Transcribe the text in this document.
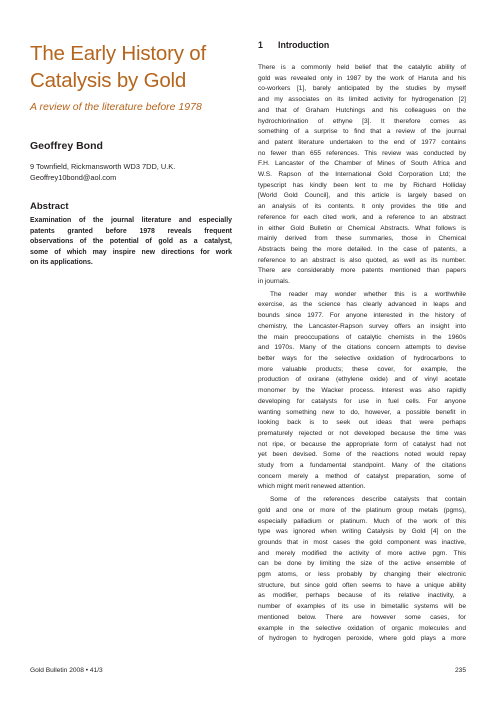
The Early History of
Catalysis by Gold

A review of the literature before 1978

Geoffrey Bond

9 Townfield, Rickmansworth WD3 7DD, U.K.
Geoffrey10bond@aol.com

Abstract

Examination of the journal literature and especially
patents granted before 1978 reveals frequent
observations of the potential of gold as a catalyst,
some of which may inspire new directions for work
on its applications.

1 Introduction

There is a commonly held belief that the catalytic ability of
gold was revealed only in 1987 by the work of Haruta and his
co-workers [1], barely anticipated by the studies by myself
and my associates on its limited activity for hydrogenation [2]
and that of Graham Hutchings and his colleagues on the
hydrochlorination of ethyne [3]. It therefore comes as
something of a surprise to find that a review of the journal
and patent literature undertaken to the end of 1977 contains
no fewer than 655 references. This review was conducted by
F.H. Lancaster of the Chamber of Mines of South Africa and
W.S. Rapson of the International Gold Corporation Ltd; the
typescript has kindly been lent to me by Richard Holliday
[World Gold Council], and this article is largely based on
an analysis of its contents. It only provides the title and
reference for each cited work, and a reference to an abstract
in either Gold Bulletin or Chemical Abstracts. What follows is
mainly derived from these summaries, those in Chemical
Abstracts being the more detailed. In the case of patents, a
reference to an abstract is also quoted, as well as its number.
There are considerably more patents mentioned than papers
in journals.
The reader may wonder whether this is a worthwhile
exercise, as the science has clearly advanced in leaps and
bounds since 1977. For anyone interested in the history of
chemistry, the Lancaster-Rapson survey offers an insight into
the main preoccupations of catalytic chemists in the 1960s
and 1970s. Many of the citations concern attempts to devise
better ways for the selective oxidation of hydrocarbons to
more valuable products; these cover, for example, the
production of oxirane (ethylene oxide) and of vinyl acetate
monomer by the Wacker process. Interest was also rapidly
developing for catalysts for use in fuel cells. For anyone
wanting something new to do, however, a possible benefit in
looking back is to seek out ideas that were perhaps
prematurely rejected or not developed because the time was
not ripe, or because the appropriate form of catalyst had not
yet been devised. Some of the reactions noted would repay
study from a fundamental standpoint. Many of the citations
concern merely a method of catalyst preparation, some of
which might merit renewed attention.
Some of the references describe catalysts that contain
gold and one or more of the platinum group metals (pgms),
especially palladium or platinum. Much of the work of this
type was ignored when writing Catalysis by Gold [4] on the
grounds that in most cases the gold component was inactive,
and merely modified the activity of more active pgm. This
can be done by limiting the size of the active ensemble of
pgm atoms, or less probably by changing their electronic
structure, but since gold often seems to have a unique ability
as modifier, perhaps because of its relative inactivity, a
number of examples of its use in bimetallic systems will be
mentioned below. There are however some cases, for
example in the selective oxidation of organic molecules and
of hydrogen to hydrogen peroxide, where gold plays a more
Gold Bulletin 2008 • 41/3	235
